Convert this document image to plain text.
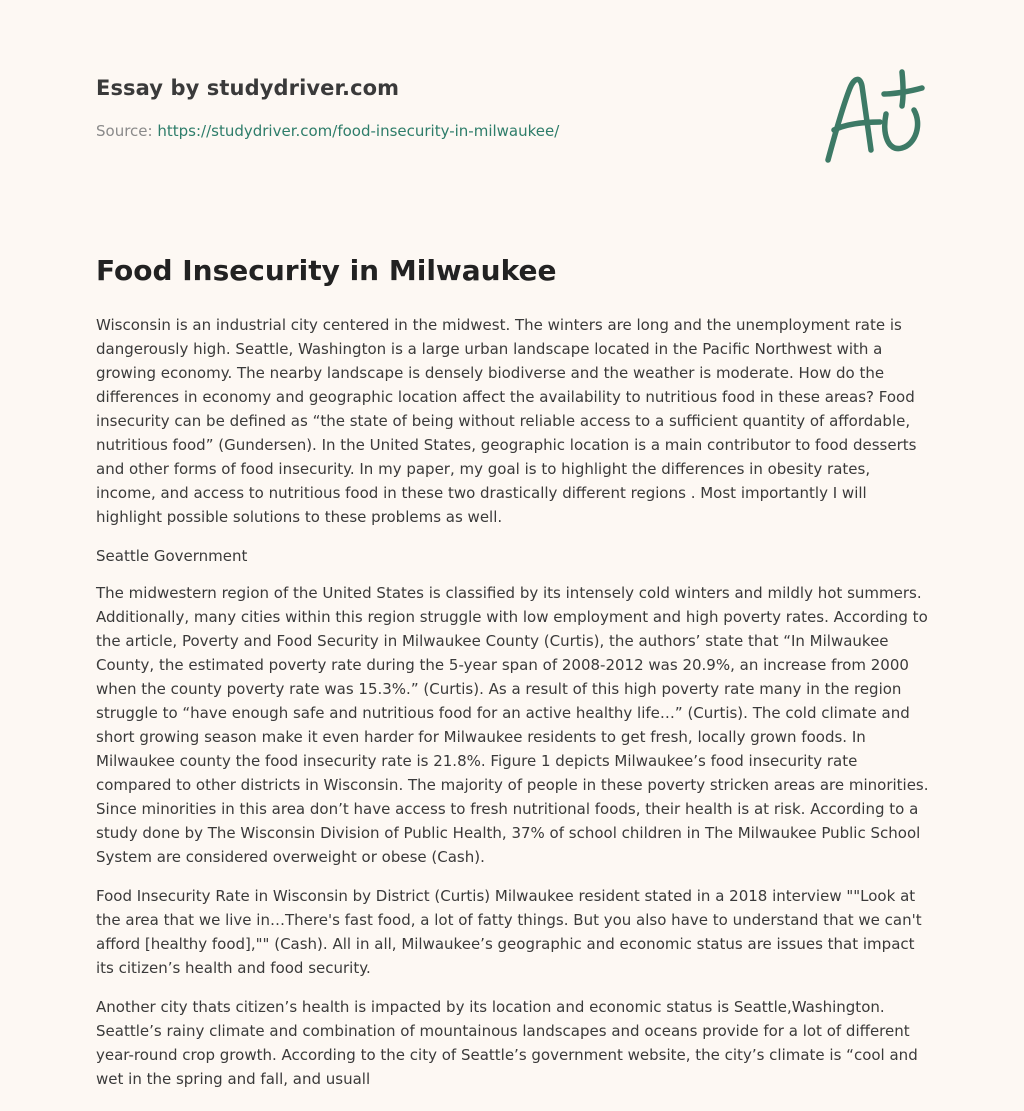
Essay by studydriver.com
Source: https://studydriver.com/food-insecurity-in-milwaukee/
Food Insecurity in Milwaukee

Wisconsin is an industrial city centered in the midwest. The winters are long and the unemployment rate is dangerously high. Seattle, Washington is a large urban landscape located in the Pacific Northwest with a growing economy. The nearby landscape is densely biodiverse and the weather is moderate. How do the differences in economy and geographic location affect the availability to nutritious food in these areas? Food insecurity can be defined as “the state of being without reliable access to a sufficient quantity of affordable, nutritious food” (Gundersen). In the United States, geographic location is a main contributor to food desserts and other forms of food insecurity. In my paper, my goal is to highlight the differences in obesity rates, income, and access to nutritious food in these two drastically different regions . Most importantly I will highlight possible solutions to these problems as well.

Seattle Government

The midwestern region of the United States is classified by its intensely cold winters and mildly hot summers. Additionally, many cities within this region struggle with low employment and high poverty rates. According to the article, Poverty and Food Security in Milwaukee County (Curtis), the authors’ state that “In Milwaukee County, the estimated poverty rate during the 5-year span of 2008-2012 was 20.9%, an increase from 2000 when the county poverty rate was 15.3%.” (Curtis). As a result of this high poverty rate many in the region struggle to “have enough safe and nutritious food for an active healthy life…” (Curtis). The cold climate and short growing season make it even harder for Milwaukee residents to get fresh, locally grown foods. In Milwaukee county the food insecurity rate is 21.8%. Figure 1 depicts Milwaukee’s food insecurity rate compared to other districts in Wisconsin. The majority of people in these poverty stricken areas are minorities. Since minorities in this area don’t have access to fresh nutritional foods, their health is at risk. According to a study done by The Wisconsin Division of Public Health, 37% of school children in The Milwaukee Public School System are considered overweight or obese (Cash).

Food Insecurity Rate in Wisconsin by District (Curtis) Milwaukee resident stated in a 2018 interview ""Look at the area that we live in…There's fast food, a lot of fatty things. But you also have to understand that we can't afford [healthy food],"" (Cash). All in all, Milwaukee’s geographic and economic status are issues that impact its citizen’s health and food security.

Another city thats citizen’s health is impacted by its location and economic status is Seattle,Washington. Seattle’s rainy climate and combination of mountainous landscapes and oceans provide for a lot of different year-round crop growth. According to the city of Seattle’s government website, the city’s climate is “cool and wet in the spring and fall, and usuall
